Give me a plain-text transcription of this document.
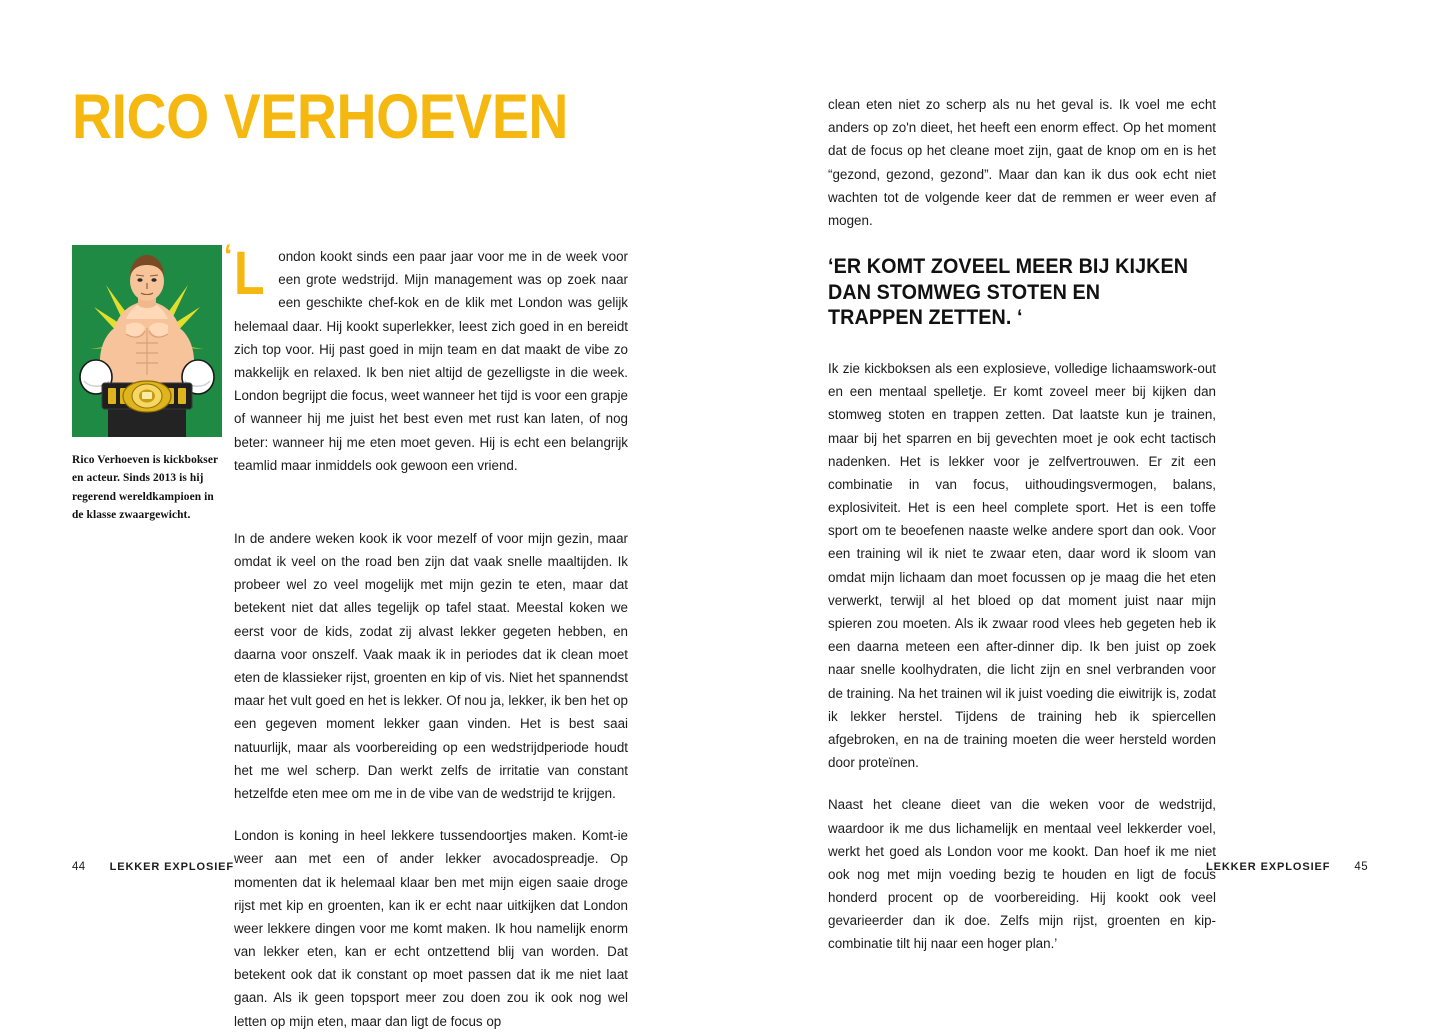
RICO VERHOEVEN
Rico Verhoeven is kickbokser en acteur. Sinds 2013 is hij regerend wereldkampioen in de klasse zwaargewicht.

‘ L ondon kookt sinds een paar jaar voor me in de week voor een grote wedstrijd. Mijn management was op zoek naar een geschikte chef-kok en de klik met London was gelijk helemaal daar. Hij kookt superlekker, leest zich goed in en bereidt zich top voor. Hij past goed in mijn team en dat maakt de vibe zo makkelijk en relaxed. Ik ben niet altijd de gezelligste in die week. London begrijpt die focus, weet wanneer het tijd is voor een grapje of wanneer hij me juist het best even met rust kan laten, of nog beter: wanneer hij me eten moet geven. Hij is echt een belangrijk teamlid maar inmiddels ook gewoon een vriend.

In de andere weken kook ik voor mezelf of voor mijn gezin, maar omdat ik veel on the road ben zijn dat vaak snelle maaltijden. Ik probeer wel zo veel mogelijk met mijn gezin te eten, maar dat betekent niet dat alles tegelijk op tafel staat. Meestal koken we eerst voor de kids, zodat zij alvast lekker gegeten hebben, en daarna voor onszelf. Vaak maak ik in periodes dat ik clean moet eten de klassieker rijst, groenten en kip of vis. Niet het spannendst maar het vult goed en het is lekker. Of nou ja, lekker, ik ben het op een gegeven moment lekker gaan vinden. Het is best saai natuurlijk, maar als voorbereiding op een wedstrijdperiode houdt het me wel scherp. Dan werkt zelfs de irritatie van constant hetzelfde eten mee om me in de vibe van de wedstrijd te krijgen.

London is koning in heel lekkere tussendoortjes maken. Komt-ie weer aan met een of ander lekker avocadospreadje. Op momenten dat ik helemaal klaar ben met mijn eigen saaie droge rijst met kip en groenten, kan ik er echt naar uitkijken dat London weer lekkere dingen voor me komt maken. Ik hou namelijk enorm van lekker eten, kan er echt ontzettend blij van worden. Dat betekent ook dat ik constant op moet passen dat ik me niet laat gaan. Als ik geen topsport meer zou doen zou ik ook nog wel letten op mijn eten, maar dan ligt de focus op

44 LEKKER EXPLOSIEF

clean eten niet zo scherp als nu het geval is. Ik voel me echt anders op zo'n dieet, het heeft een enorm effect. Op het moment dat de focus op het cleane moet zijn, gaat de knop om en is het “gezond, gezond, gezond”. Maar dan kan ik dus ook echt niet wachten tot de volgende keer dat de remmen er weer even af mogen.

‘ER KOMT ZOVEEL MEER BIJ KIJKEN DAN STOMWEG STOTEN EN TRAPPEN ZETTEN. ‘

Ik zie kickboksen als een explosieve, volledige lichaamswork-out en een mentaal spelletje. Er komt zoveel meer bij kijken dan stomweg stoten en trappen zetten. Dat laatste kun je trainen, maar bij het sparren en bij gevechten moet je ook echt tactisch nadenken. Het is lekker voor je zelfvertrouwen. Er zit een combinatie in van focus, uithoudingsvermogen, balans, explosiviteit. Het is een heel complete sport. Het is een toffe sport om te beoefenen naaste welke andere sport dan ook. Voor een training wil ik niet te zwaar eten, daar word ik sloom van omdat mijn lichaam dan moet focussen op je maag die het eten verwerkt, terwijl al het bloed op dat moment juist naar mijn spieren zou moeten. Als ik zwaar rood vlees heb gegeten heb ik een daarna meteen een after-dinner dip. Ik ben juist op zoek naar snelle koolhydraten, die licht zijn en snel verbranden voor de training. Na het trainen wil ik juist voeding die eiwitrijk is, zodat ik lekker herstel. Tijdens de training heb ik spiercellen afgebroken, en na de training moeten die weer hersteld worden door proteïnen.

Naast het cleane dieet van die weken voor de wedstrijd, waardoor ik me dus lichamelijk en mentaal veel lekkerder voel, werkt het goed als London voor me kookt. Dan hoef ik me niet ook nog met mijn voeding bezig te houden en ligt de focus honderd procent op de voorbereiding. Hij kookt ook veel gevarieerder dan ik doe. Zelfs mijn rijst, groenten en kip-combinatie tilt hij naar een hoger plan.’

LEKKER EXPLOSIEF 45
